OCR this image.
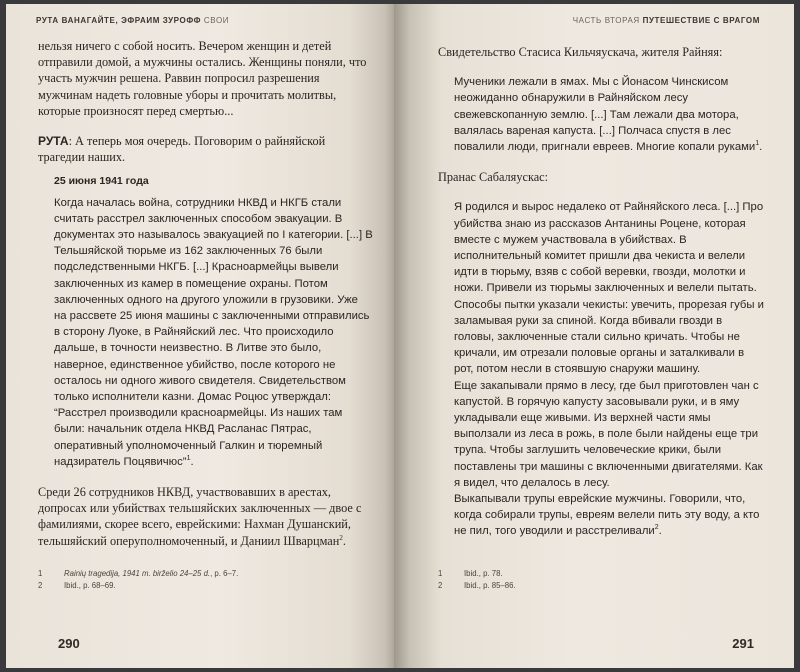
РУТА ВАНАГАЙТЕ, ЭФРАИМ ЗУРОФФ СВОИ

нельзя ничего с собой носить. Вечером женщин и детей отправили домой, а мужчины остались. Женщины поняли, что участь мужчин решена. Раввин попросил разрешения мужчинам надеть головные уборы и прочитать молитвы, которые произносят перед смертью...

РУТА: А теперь моя очередь. Поговорим о райняйской трагедии наших.

25 июня 1941 года

Когда началась война, сотрудники НКВД и НКГБ стали считать расстрел заключенных способом эвакуации. В документах это называлось эвакуацией по I категории. [...] В Тельшяйской тюрьме из 162 заключенных 76 были подследственными НКГБ. [...] Красноармейцы вывели заключенных из камер в помещение охраны. Потом заключенных одного на другого уложили в грузовики. Уже на рассвете 25 июня машины с заключенными отправились в сторону Луоке, в Райняйский лес. Что происходило дальше, в точности неизвестно. В Литве это было, наверное, единственное убийство, после которого не осталось ни одного живого свидетеля. Свидетельством только исполнители казни. Домас Роцюс утверждал: “Расстрел производили красноармейцы. Из наших там были: начальник отдела НКВД Расланас Пятрас, оперативный уполномоченный Галкин и тюремный надзиратель Поцявичюс”$^1$.

Среди 26 сотрудников НКВД, участвовавших в арестах, допросах или убийствах тельшяйских заключенных — двое с фамилиями, скорее всего, еврейскими: Нахман Душанский, тельшяйский оперуполномоченный, и Даниил Шварцман$^2$.

1	Rainių tragedija, 1941 m. birželio 24–25 d., p. 6–7.
2	Ibid., p. 68–69.
290
ЧАСТЬ ВТОРАЯ ПУТЕШЕСТВИЕ С ВРАГОМ

Свидетельство Стасиса Кильчяускача, жителя Райняя:

Мученики лежали в ямах. Мы с Йонасом Чинскисом неожиданно обнаружили в Райняйском лесу свежевскопанную землю. [...] Там лежали два мотора, валялась вареная капуста. [...] Полчаса спустя в лес повалили люди, пригнали евреев. Многие копали руками$^1$.

Пранас Сабаляускас:

Я родился и вырос недалеко от Райняйского леса. [...] Про убийства знаю из рассказов Антанины Роцене, которая вместе с мужем участвовала в убийствах. В исполнительный комитет пришли два чекиста и велели идти в тюрьму, взяв с собой веревки, гвозди, молотки и ножи. Привели из тюрьмы заключенных и велели пытать. Способы пытки указали чекисты: увечить, прорезая губы и заламывая руки за спиной. Когда вбивали гвозди в головы, заключенные стали сильно кричать. Чтобы не кричали, им отрезали половые органы и заталкивали в рот, потом несли в стоявшую снаружи машину.

Еще закапывали прямо в лесу, где был приготовлен чан с капустой. В горячую капусту засовывали руки, и в яму укладывали еще живыми. Из верхней части ямы выползали из леса в рожь, в поле были найдены еще три трупа. Чтобы заглушить человеческие крики, были поставлены три машины с включенными двигателями. Как я видел, что делалось в лесу.

Выкапывали трупы еврейские мужчины. Говорили, что, когда собирали трупы, евреям велели пить эту воду, а кто не пил, того уводили и расстреливали$^2$.

1	Ibid., p. 78.
2	Ibid., p. 85–86.
291
